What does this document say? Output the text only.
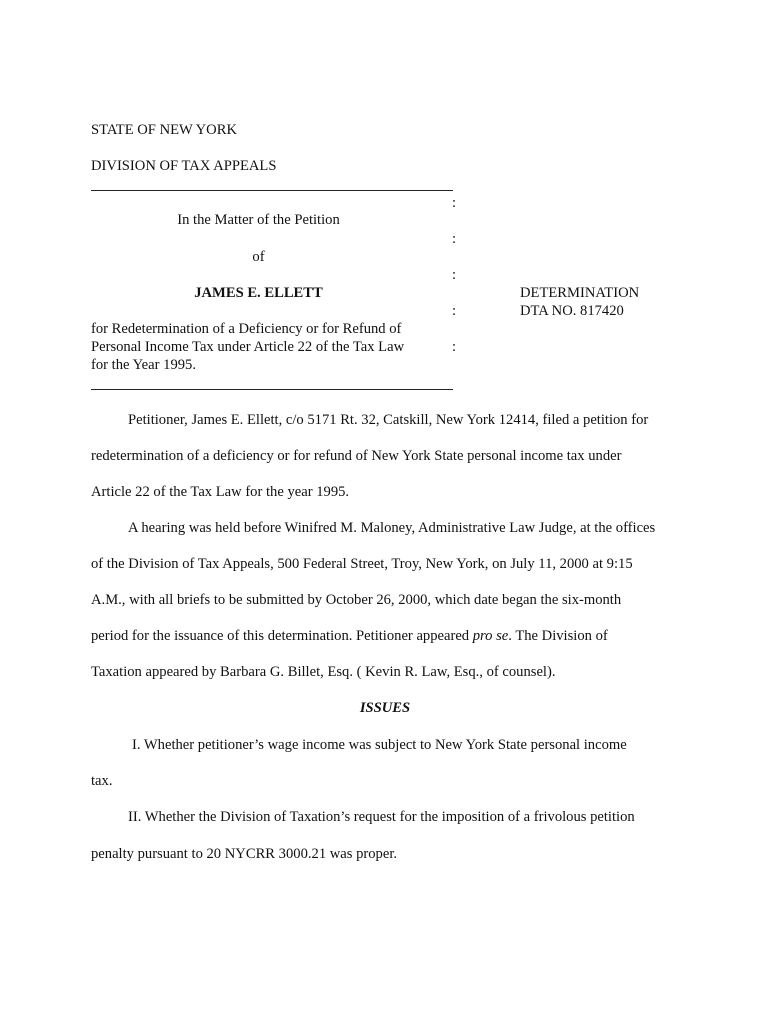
STATE OF NEW YORK
DIVISION OF TAX APPEALS
:
In the Matter of the Petition
:
of
:
JAMES E. ELLETT
:
DETERMINATION
DTA NO. 817420
for Redetermination of a Deficiency or for Refund of
Personal Income Tax under Article 22 of the Tax Law	:
for the Year 1995.
Petitioner, James E. Ellett, c/o 5171 Rt. 32, Catskill, New York 12414, filed a petition for
redetermination of a deficiency or for refund of New York State personal income tax under
Article 22 of the Tax Law for the year 1995.
A hearing was held before Winifred M. Maloney, Administrative Law Judge, at the offices
of the Division of Tax Appeals, 500 Federal Street, Troy, New York, on July 11, 2000 at 9:15
A.M., with all briefs to be submitted by October 26, 2000, which date began the six-month
period for the issuance of this determination. Petitioner appeared pro se. The Division of
Taxation appeared by Barbara G. Billet, Esq. ( Kevin R. Law, Esq., of counsel).
ISSUES
I. Whether petitioner’s wage income was subject to New York State personal income
tax.
II. Whether the Division of Taxation’s request for the imposition of a frivolous petition
penalty pursuant to 20 NYCRR 3000.21 was proper.
